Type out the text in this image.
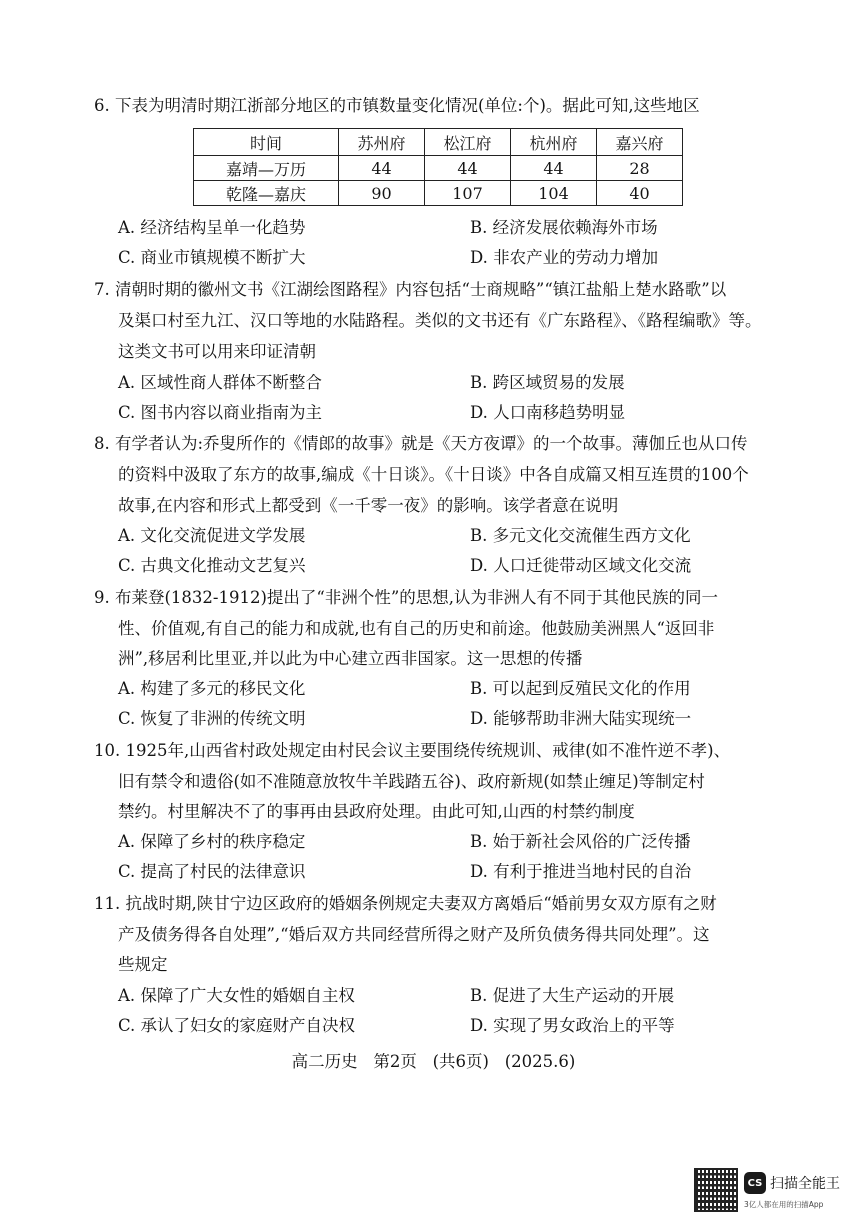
6. 下表为明清时期江浙部分地区的市镇数量变化情况(单位:个)。据此可知,这些地区
时间	苏州府	松江府	杭州府	嘉兴府
嘉靖—万历	44	44	44	28
乾隆—嘉庆	90	107	104	40
A. 经济结构呈单一化趋势	B. 经济发展依赖海外市场
C. 商业市镇规模不断扩大	D. 非农产业的劳动力增加
7. 清朝时期的徽州文书《江湖绘图路程》内容包括“士商规略”“镇江盐船上楚水路歌”以
及渠口村至九江、汉口等地的水陆路程。类似的文书还有《广东路程》、《路程编歌》等。
这类文书可以用来印证清朝
A. 区域性商人群体不断整合	B. 跨区域贸易的发展
C. 图书内容以商业指南为主	D. 人口南移趋势明显
8. 有学者认为:乔叟所作的《情郎的故事》就是《天方夜谭》的一个故事。薄伽丘也从口传
的资料中汲取了东方的故事,编成《十日谈》。《十日谈》中各自成篇又相互连贯的100个
故事,在内容和形式上都受到《一千零一夜》的影响。该学者意在说明
A. 文化交流促进文学发展	B. 多元文化交流催生西方文化
C. 古典文化推动文艺复兴	D. 人口迁徙带动区域文化交流
9. 布莱登(1832-1912)提出了“非洲个性”的思想,认为非洲人有不同于其他民族的同一
性、价值观,有自己的能力和成就,也有自己的历史和前途。他鼓励美洲黑人“返回非
洲”,移居利比里亚,并以此为中心建立西非国家。这一思想的传播
A. 构建了多元的移民文化	B. 可以起到反殖民文化的作用
C. 恢复了非洲的传统文明	D. 能够帮助非洲大陆实现统一
10. 1925年,山西省村政处规定由村民会议主要围绕传统规训、戒律(如不准忤逆不孝)、
旧有禁令和遗俗(如不准随意放牧牛羊践踏五谷)、政府新规(如禁止缠足)等制定村
禁约。村里解决不了的事再由县政府处理。由此可知,山西的村禁约制度
A. 保障了乡村的秩序稳定	B. 始于新社会风俗的广泛传播
C. 提高了村民的法律意识	D. 有利于推进当地村民的自治
11. 抗战时期,陕甘宁边区政府的婚姻条例规定夫妻双方离婚后“婚前男女双方原有之财
产及债务得各自处理”,“婚后双方共同经营所得之财产及所负债务得共同处理”。这
些规定
A. 保障了广大女性的婚姻自主权	B. 促进了大生产运动的开展
C. 承认了妇女的家庭财产自决权	D. 实现了男女政治上的平等
高二历史   第2页   (共6页)   (2025.6)
CS 扫描全能王
3亿人都在用的扫描App
